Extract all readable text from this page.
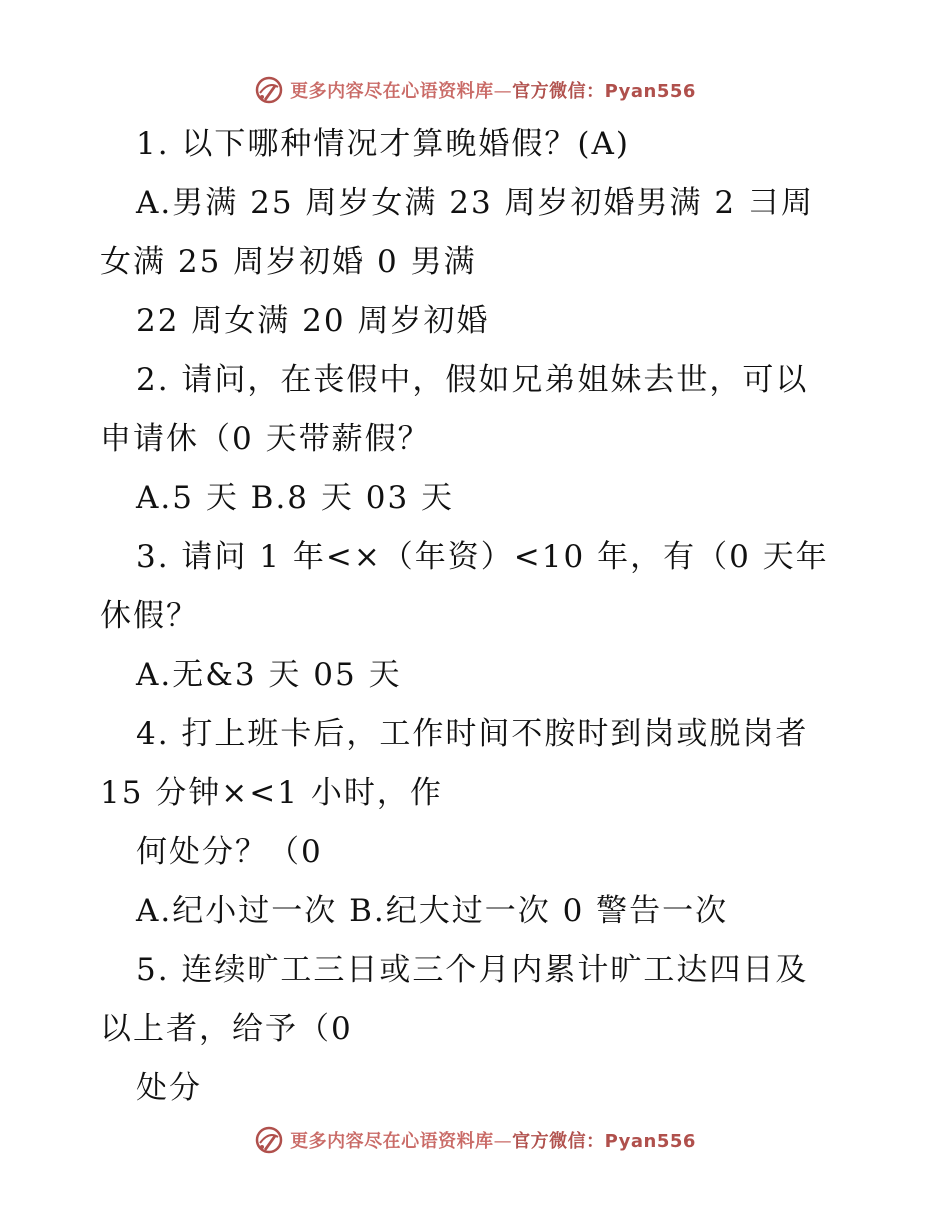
更多内容尽在心语资料库—官方微信：Pyan556
1. 以下哪种情况才算晚婚假？(A)
A.男满 25 周岁女满 23 周岁初婚男满 2 彐周
女满 25 周岁初婚 0 男满
22 周女满 20 周岁初婚
2. 请问，在丧假中，假如兄弟姐妹去世，可以
申请休（0 天带薪假？
A.5 天 B.8 天 03 天
3. 请问 1 年<×（年资）<10 年，有（0 天年
休假？
A.无&3 天 05 天
4. 打上班卡后，工作时间不胺时到岗或脱岗者
15 分钟×<1 小时，作
何处分？（0
A.纪小过一次 B.纪大过一次 0 警告一次
5. 连续旷工三日或三个月内累计旷工达四日及
以上者，给予（0
处分
更多内容尽在心语资料库—官方微信：Pyan556
